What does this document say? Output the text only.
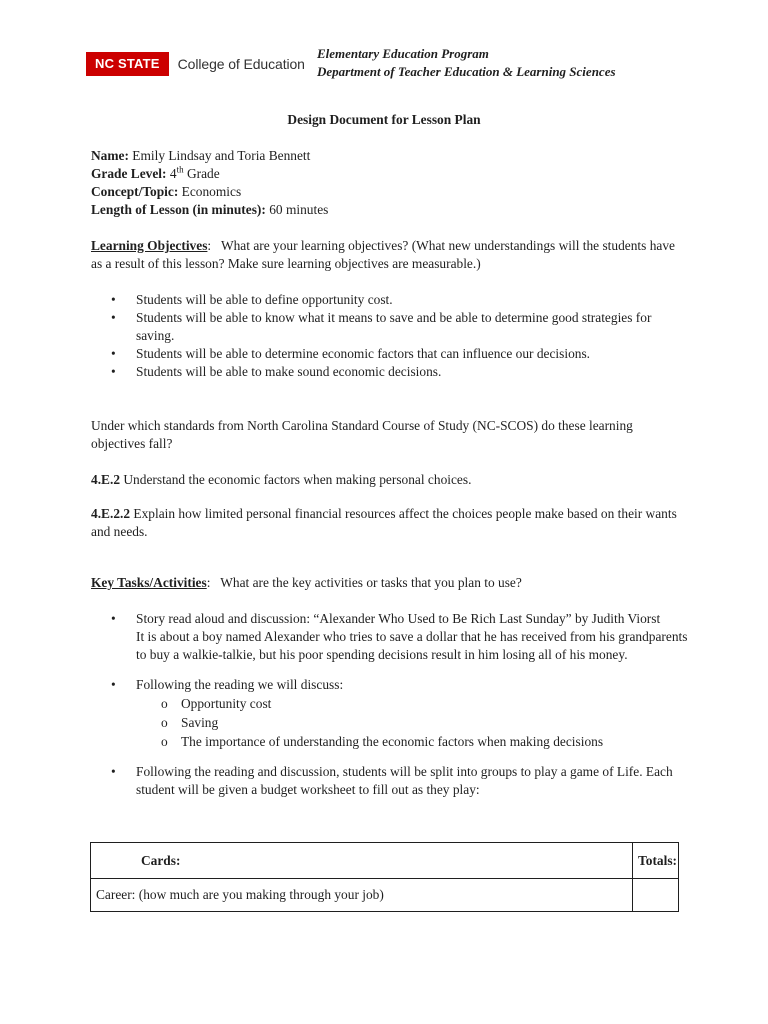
NC STATE	College of Education
Elementary Education Program
Department of Teacher Education & Learning Sciences
Design Document for Lesson Plan
Name: Emily Lindsay and Toria Bennett
Grade Level: 4th Grade
Concept/Topic: Economics
Length of Lesson (in minutes): 60 minutes
Learning Objectives: What are your learning objectives? (What new understandings will the students have as a result of this lesson? Make sure learning objectives are measurable.)
• Students will be able to define opportunity cost.
• Students will be able to know what it means to save and be able to determine good strategies for saving.
• Students will be able to determine economic factors that can influence our decisions.
• Students will be able to make sound economic decisions.
Under which standards from North Carolina Standard Course of Study (NC-SCOS) do these learning objectives fall?
4.E.2 Understand the economic factors when making personal choices.
4.E.2.2 Explain how limited personal financial resources affect the choices people make based on their wants and needs.
Key Tasks/Activities: What are the key activities or tasks that you plan to use?
• Story read aloud and discussion: “Alexander Who Used to Be Rich Last Sunday” by Judith Viorst
It is about a boy named Alexander who tries to save a dollar that he has received from his grandparents to buy a walkie-talkie, but his poor spending decisions result in him losing all of his money.
• Following the reading we will discuss:
o Opportunity cost
o Saving
o The importance of understanding the economic factors when making decisions
• Following the reading and discussion, students will be split into groups to play a game of Life. Each student will be given a budget worksheet to fill out as they play:
Cards:	Totals:
Career: (how much are you making through your job)	
